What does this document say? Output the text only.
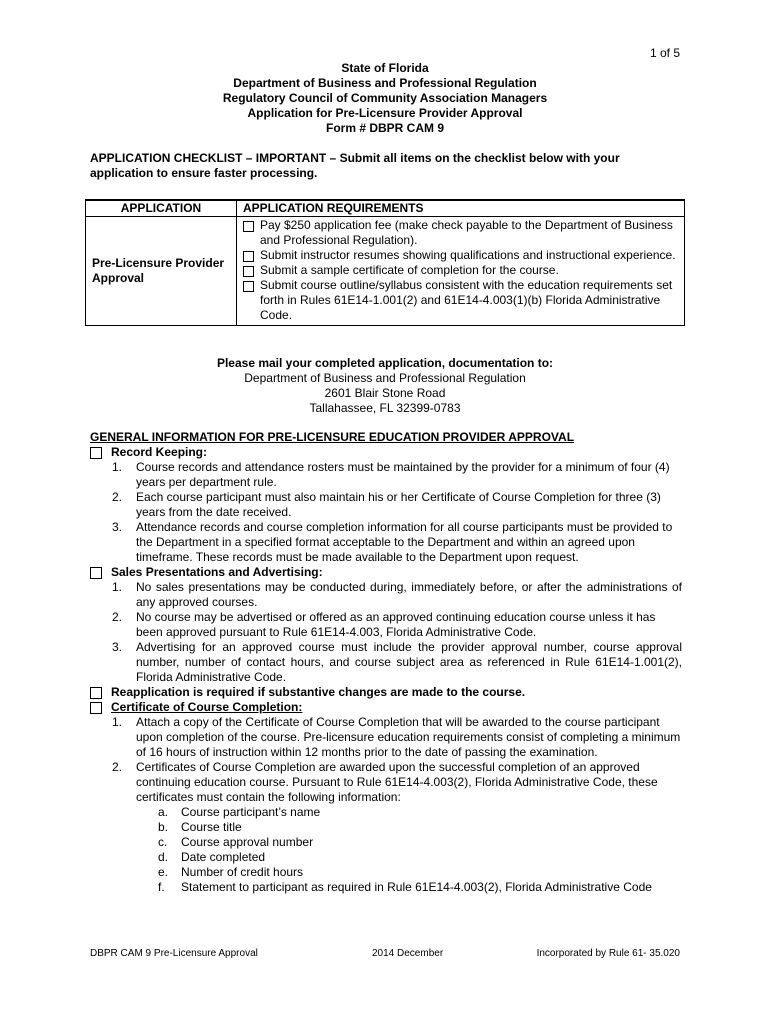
1 of 5
State of Florida
Department of Business and Professional Regulation
Regulatory Council of Community Association Managers
Application for Pre-Licensure Provider Approval
Form # DBPR CAM 9
APPLICATION CHECKLIST – IMPORTANT – Submit all items on the checklist below with your application to ensure faster processing.
APPLICATION	APPLICATION REQUIREMENTS
Pre-Licensure Provider Approval	Pay $250 application fee (make check payable to the Department of Business and Professional Regulation).
Submit instructor resumes showing qualifications and instructional experience.
Submit a sample certificate of completion for the course.
Submit course outline/syllabus consistent with the education requirements set forth in Rules 61E14-1.001(2) and 61E14-4.003(1)(b) Florida Administrative Code.
Please mail your completed application, documentation to:
Department of Business and Professional Regulation
2601 Blair Stone Road
Tallahassee, FL 32399-0783
GENERAL INFORMATION FOR PRE-LICENSURE EDUCATION PROVIDER APPROVAL
Record Keeping:
1.	Course records and attendance rosters must be maintained by the provider for a minimum of four (4) years per department rule.
2.	Each course participant must also maintain his or her Certificate of Course Completion for three (3) years from the date received.
3.	Attendance records and course completion information for all course participants must be provided to the Department in a specified format acceptable to the Department and within an agreed upon timeframe. These records must be made available to the Department upon request.
Sales Presentations and Advertising:
1.	No sales presentations may be conducted during, immediately before, or after the administrations of any approved courses.
2.	No course may be advertised or offered as an approved continuing education course unless it has been approved pursuant to Rule 61E14-4.003, Florida Administrative Code.
3.	Advertising for an approved course must include the provider approval number, course approval number, number of contact hours, and course subject area as referenced in Rule 61E14-1.001(2), Florida Administrative Code.
Reapplication is required if substantive changes are made to the course.
Certificate of Course Completion:
1.	Attach a copy of the Certificate of Course Completion that will be awarded to the course participant upon completion of the course. Pre-licensure education requirements consist of completing a minimum of 16 hours of instruction within 12 months prior to the date of passing the examination.
2.	Certificates of Course Completion are awarded upon the successful completion of an approved continuing education course. Pursuant to Rule 61E14-4.003(2), Florida Administrative Code, these certificates must contain the following information:
a.	Course participant’s name
b.	Course title
c.	Course approval number
d.	Date completed
e.	Number of credit hours
f.	Statement to participant as required in Rule 61E14-4.003(2), Florida Administrative Code
DBPR CAM 9 Pre-Licensure Approval	2014 December	Incorporated by Rule 61- 35.020
